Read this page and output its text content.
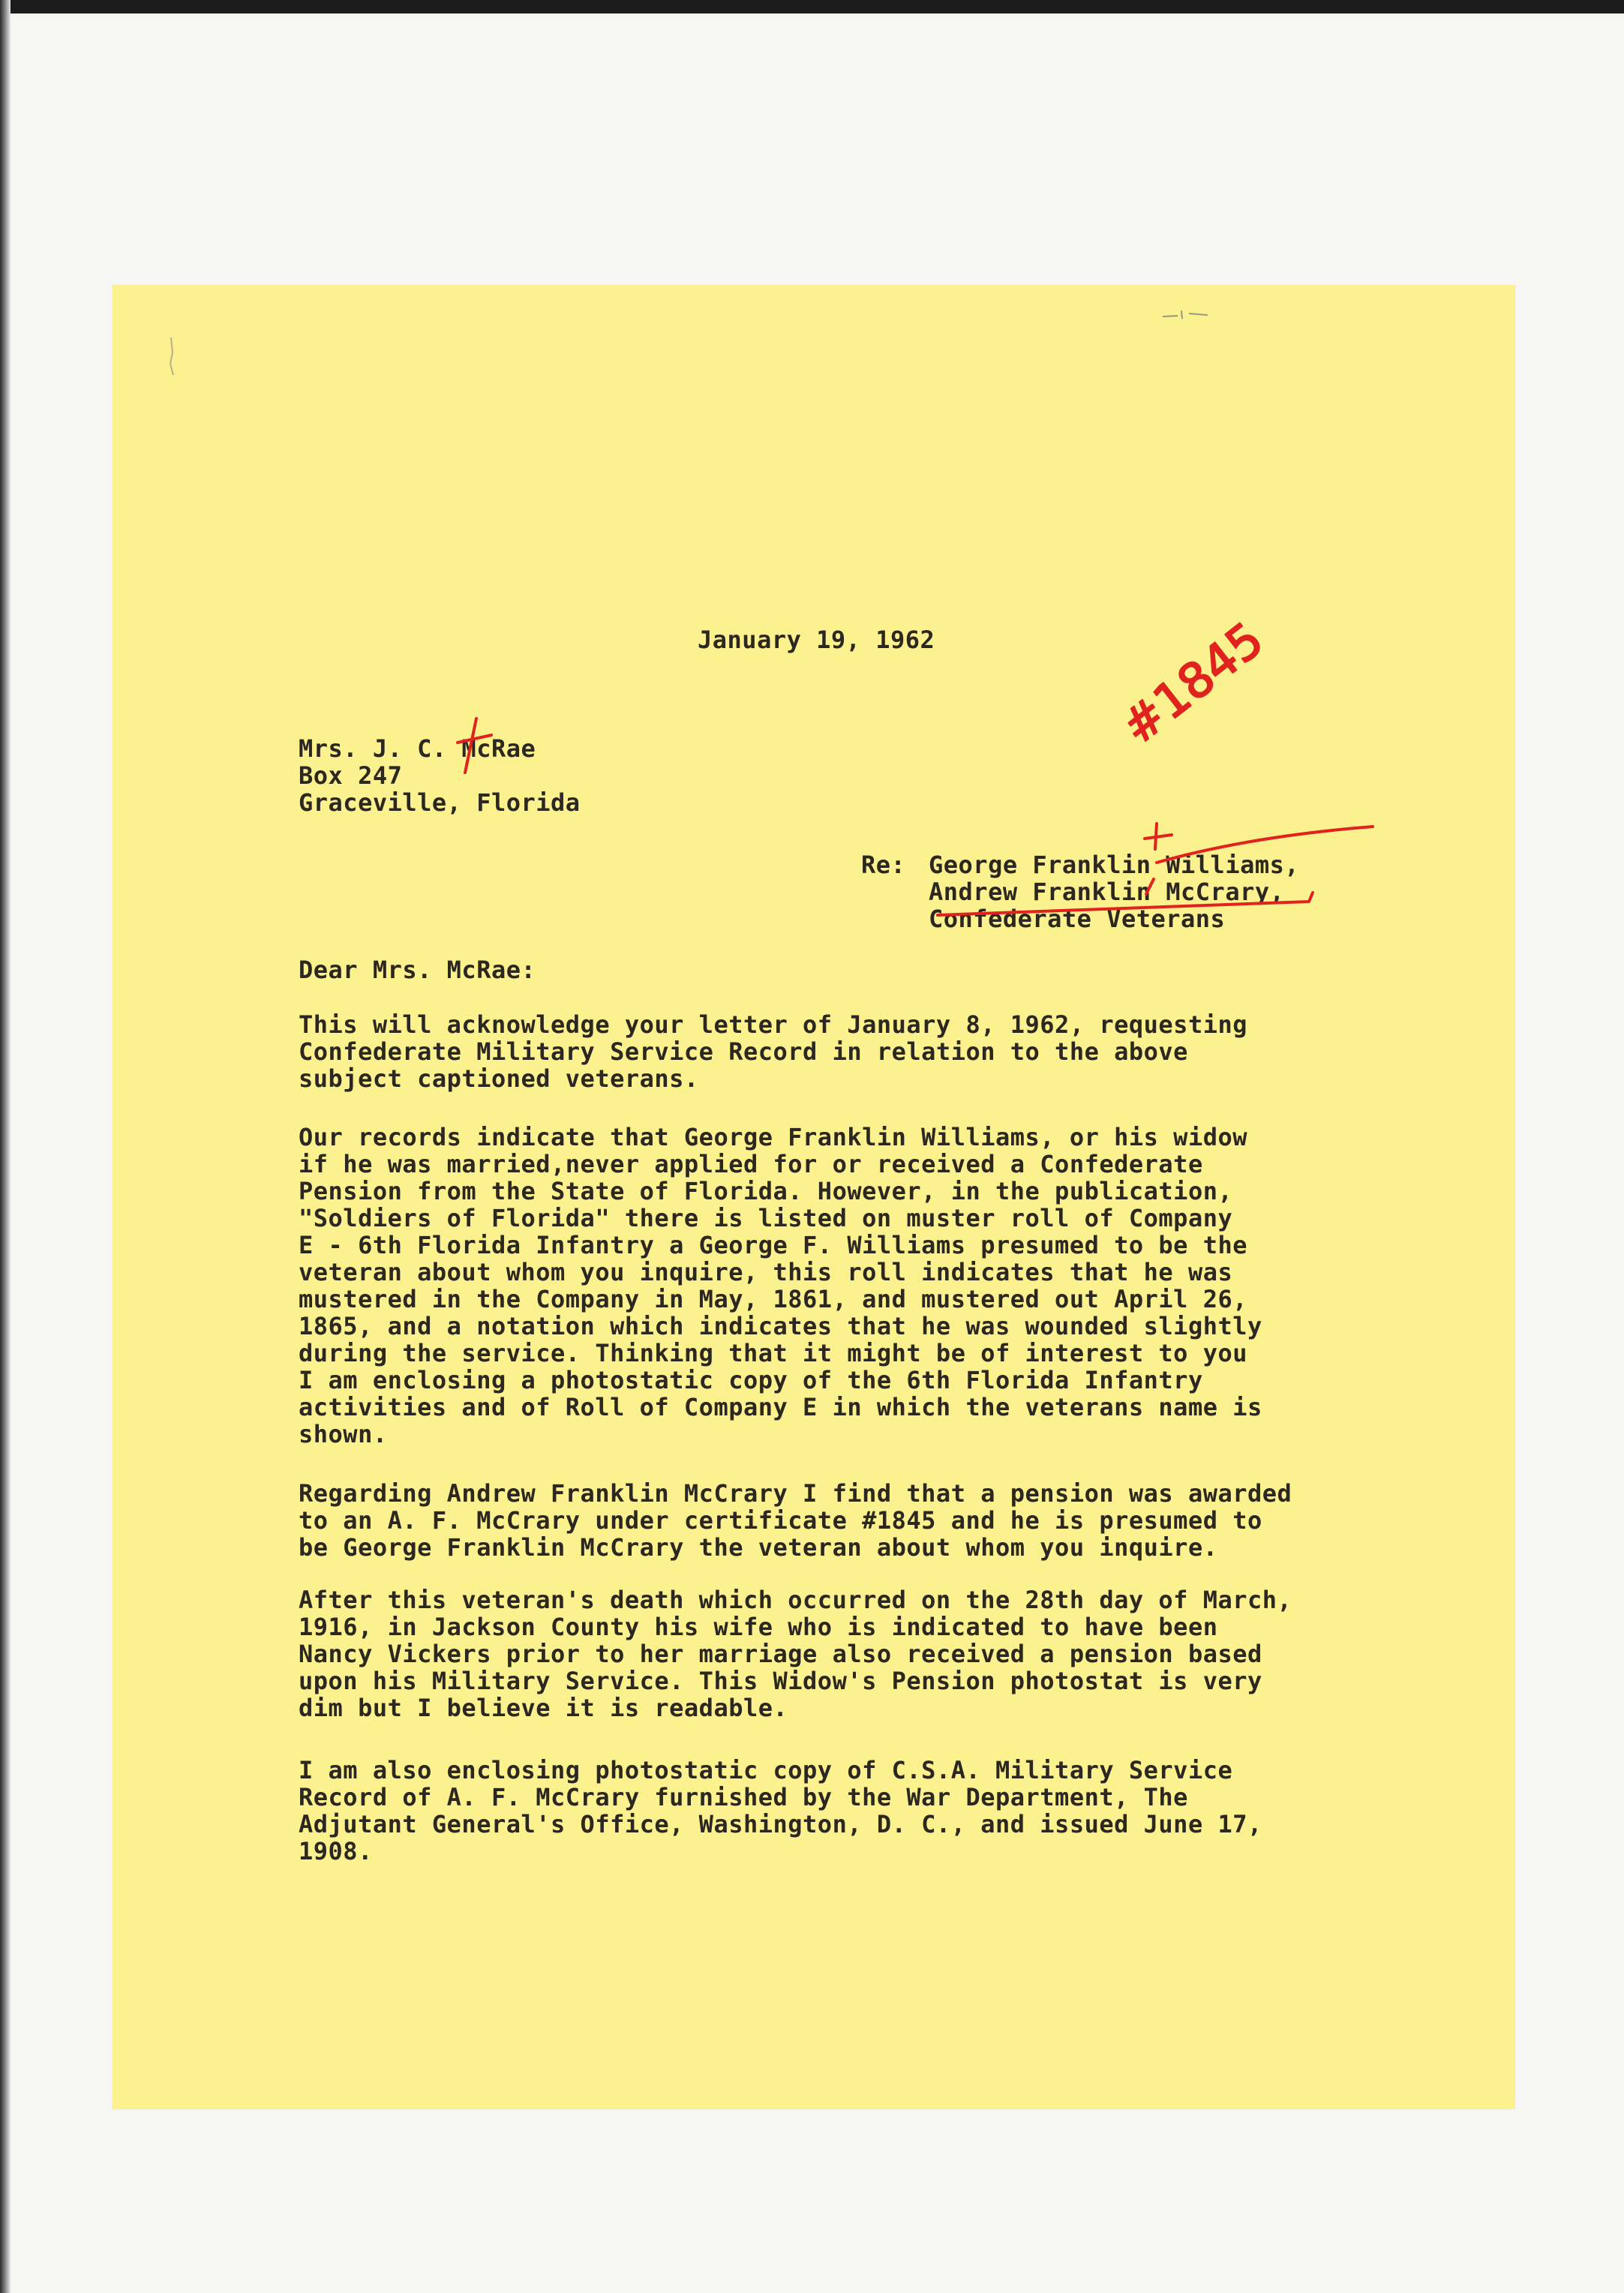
January 19, 1962
Mrs. J. C. McRae
Box 247
Graceville, Florida
Re: George Franklin Williams,
Andrew Franklin McCrary,
Confederate Veterans
Dear Mrs. McRae:
This will acknowledge your letter of January 8, 1962, requesting
Confederate Military Service Record in relation to the above
subject captioned veterans.
Our records indicate that George Franklin Williams, or his widow
if he was married,never applied for or received a Confederate
Pension from the State of Florida. However, in the publication,
"Soldiers of Florida" there is listed on muster roll of Company
E - 6th Florida Infantry a George F. Williams presumed to be the
veteran about whom you inquire, this roll indicates that he was
mustered in the Company in May, 1861, and mustered out April 26,
1865, and a notation which indicates that he was wounded slightly
during the service. Thinking that it might be of interest to you
I am enclosing a photostatic copy of the 6th Florida Infantry
activities and of Roll of Company E in which the veterans name is
shown.
Regarding Andrew Franklin McCrary I find that a pension was awarded
to an A. F. McCrary under certificate #1845 and he is presumed to
be George Franklin McCrary the veteran about whom you inquire.
After this veteran's death which occurred on the 28th day of March,
1916, in Jackson County his wife who is indicated to have been
Nancy Vickers prior to her marriage also received a pension based
upon his Military Service. This Widow's Pension photostat is very
dim but I believe it is readable.
I am also enclosing photostatic copy of C.S.A. Military Service
Record of A. F. McCrary furnished by the War Department, The
Adjutant General's Office, Washington, D. C., and issued June 17,
1908.
#1845
